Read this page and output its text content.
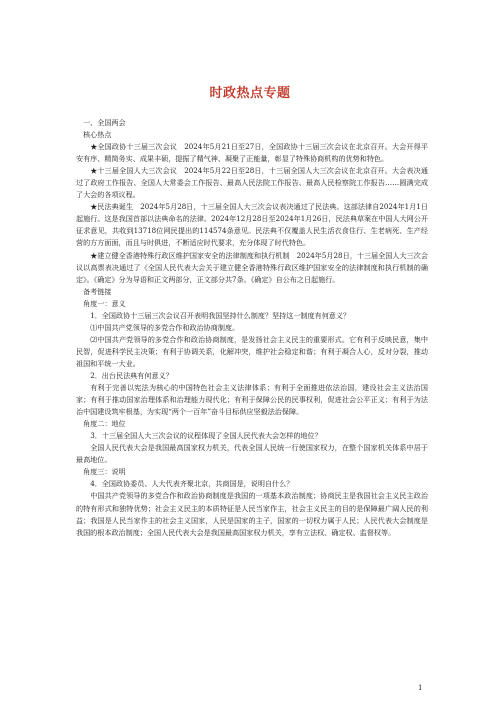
时政热点专题

一、全国两会

核心热点

★全国政协十三届三次会议　2024年5月21日至27日，全国政协十三届三次会议在北京召开。大会开得平安有序、精简务实、成果丰硕，提振了精气神、凝聚了正能量，彰显了特殊协商机构的优势和特色。

★十三届全国人大三次会议　2024年5月22日至28日，十三届全国人大三次会议在北京召开。大会表决通过了政府工作报告、全国人大常委会工作报告、最高人民法院工作报告、最高人民检察院工作报告……圆满完成了大会的各项议程。

★民法典诞生　2024年5月28日，十三届全国人大三次会议表决通过了民法典。这部法律自2024年1月1日起施行。这是我国首部以法典命名的法律。2024年12月28日至2024年1月26日，民法典草案在中国人大网公开征求意见，共收到13718位网民提出的114574条意见。民法典不仅覆盖人民生活衣食住行、生老病死、生产经营的方方面面，而且与时俱进，不断适应时代要求，充分体现了时代特色。

★建立健全香港特殊行政区维护国家安全的法律制度和执行机制　2024年5月28日，十三届全国人大三次会议以高票表决通过了《全国人民代表大会关于建立健全香港特殊行政区维护国家安全的法律制度和执行机制的确定》。《确定》分为导语和正文两部分，正文部分共7条。《确定》自公布之日起施行。

备考链接

角度一：意义

1．全国政协十三届三次会议召开表明我国坚持什么制度？坚持这一制度有何意义？

⑴中国共产党领导的多党合作和政治协商制度。

⑵中国共产党领导的多党合作和政治协商制度，是发扬社会主义民主的重要形式。它有利于反映民意，集中民智，促进科学民主决策；有利于协调关系，化解冲突，维护社会稳定和谐；有利于凝合人心，反对分裂，推动祖国和平统一大业。

2．出台民法典有何意义？

有利于完善以宪法为核心的中国特色社会主义法律体系；有利于全面推进依法治国，建设社会主义法治国家；有利于推动国家治理体系和治理能力现代化；有利于保障公民的民事权利，促进社会公平正义；有利于为法治中国建设筑牢根基，为实现“两个一百年”奋斗目标供应坚毅法治保障。

角度二：地位

3．十三届全国人大三次会议的议程体现了全国人民代表大会怎样的地位？

全国人民代表大会是我国最高国家权力机关，代表全国人民统一行使国家权力，在整个国家机关体系中居于最高地位。

角度三：说明

4．全国政协委员、人大代表齐聚北京，共商国是，说明自什么？

中国共产党领导的多党合作和政治协商制度是我国的一项基本政治制度；协商民主是我国社会主义民主政治的特有形式和独特优势；社会主义民主的本质特征是人民当家作主，社会主义民主的目的是保障最广阔人民的利益；我国是人民当家作主的社会主义国家，人民是国家的主子，国家的一切权力属于人民；人民代表大会制度是我国的根本政治制度；全国人民代表大会是我国最高国家权力机关，享有立法权、确定权、监督权等。

1
